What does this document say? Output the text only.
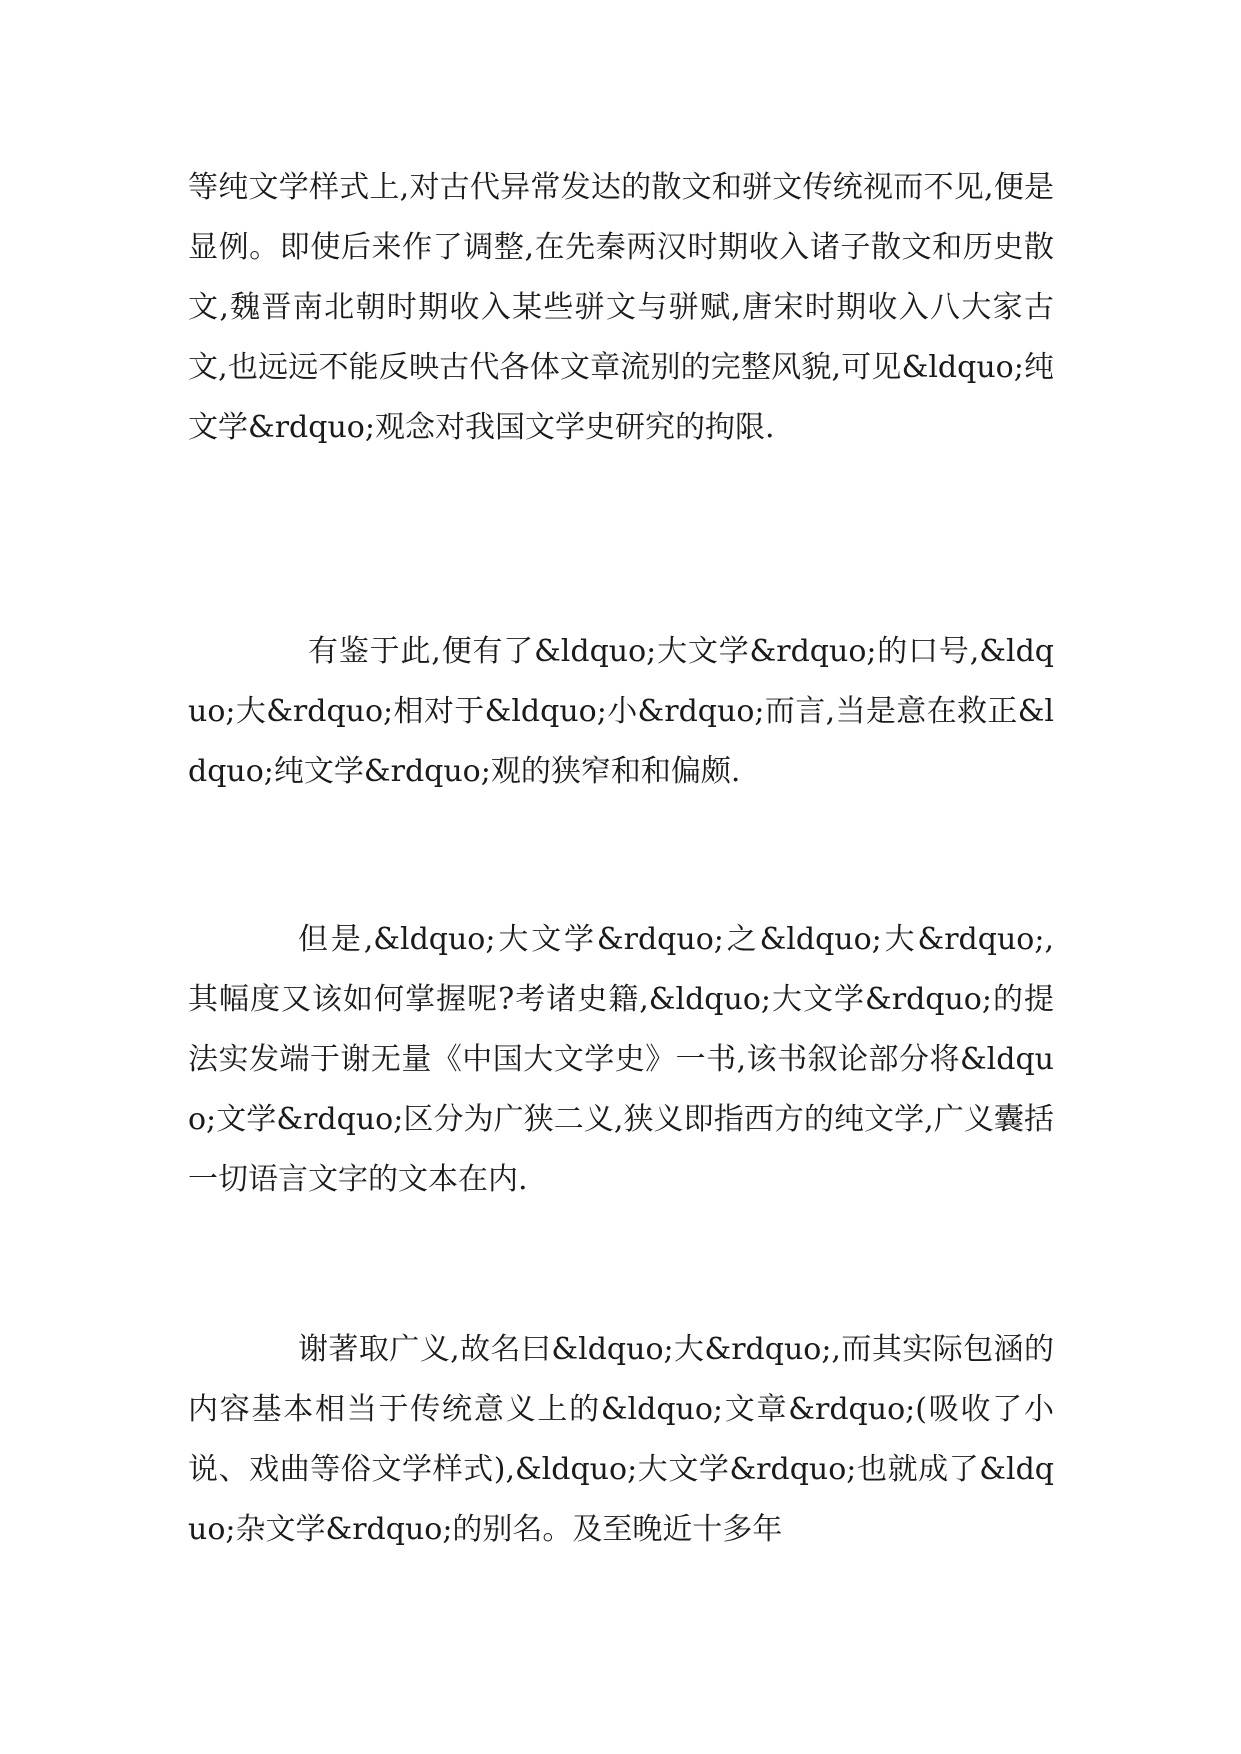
等纯文学样式上,对古代异常发达的散文和骈文传统视而不见,便是显例。即使后来作了调整,在先秦两汉时期收入诸子散文和历史散文,魏晋南北朝时期收入某些骈文与骈赋,唐宋时期收入八大家古文,也远远不能反映古代各体文章流别的完整风貌,可见&ldquo;纯文学&rdquo;观念对我国文学史研究的拘限.

有鉴于此,便有了&ldquo;大文学&rdquo;的口号,&ldquo;大&rdquo;相对于&ldquo;小&rdquo;而言,当是意在救正&ldquo;纯文学&rdquo;观的狭窄和和偏颇.

但是,&ldquo;大文学&rdquo;之&ldquo;大&rdquo;,其幅度又该如何掌握呢?考诸史籍,&ldquo;大文学&rdquo;的提法实发端于谢无量《中国大文学史》一书,该书叙论部分将&ldquo;文学&rdquo;区分为广狭二义,狭义即指西方的纯文学,广义囊括一切语言文字的文本在内.

谢著取广义,故名曰&ldquo;大&rdquo;,而其实际包涵的内容基本相当于传统意义上的&ldquo;文章&rdquo;(吸收了小说、戏曲等俗文学样式),&ldquo;大文学&rdquo;也就成了&ldquo;杂文学&rdquo;的别名。及至晚近十多年
